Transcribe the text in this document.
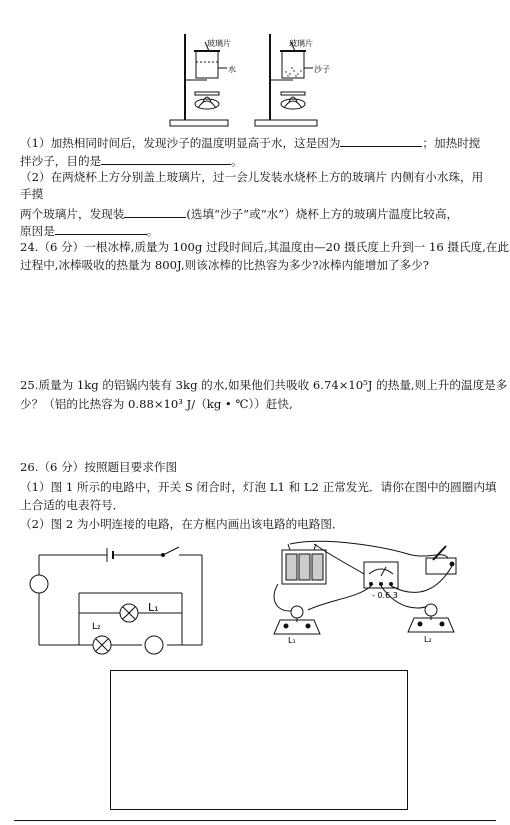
玻璃片
水
玻璃片
沙子
（1）加热相同时间后，发现沙子的温度明显高于水，这是因为	；加热时搅
拌沙子，目的是	。
（2）在两烧杯上方分别盖上玻璃片，过一会儿发装水烧杯上方的玻璃片 内侧有小水珠，用
手摸
两个玻璃片，发现装	(选填“沙子”或“水”）烧杯上方的玻璃片温度比较高，
原因是	。
24.（6 分）一根冰棒,质量为 100g 过段时间后,其温度由—20 摄氏度上升到一 16 摄氏度,在此
过程中,冰棒吸收的热量为 800J,则该冰棒的比热容为多少?冰棒内能增加了多少?
25.质量为 1kg 的铝锅内装有 3kg 的水,如果他们共吸收 6.74×10⁵J 的热量,则上升的温度是多
少？（铝的比热容为 0.88×10³ J/（kg • ℃））赶快,
26.（6 分）按照题目要求作图
（1）图 1 所示的电路中，开关 S 闭合时，灯泡 L1 和 L2 正常发光．请你在图中的圆圈内填
上合适的电表符号．
（2）图 2 为小明连接的电路，在方框内画出该电路的电路图．
L₁
L₂
- 0.6 3
L₁	L₂
